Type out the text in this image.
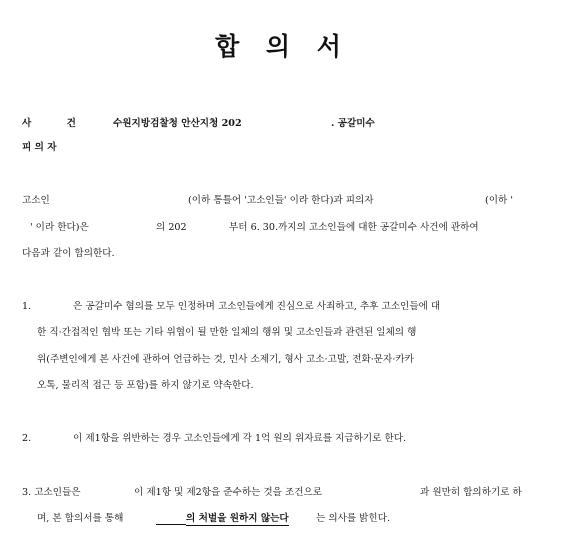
합 의 서
사 건 수원지방검찰청 안산지청 202	. 공갈미수
피 의 자
고소인	(이하 통틀어 '고소인들' 이라 한다)과 피의자	(이하 '
' 이라 한다)은	의 202	부터 6. 30.까지의 고소인들에 대한 공갈미수 사건에 관하여
다음과 같이 합의한다.
1.	은 공갈미수 혐의를 모두 인정하며 고소인들에게 진심으로 사죄하고, 추후 고소인들에 대
한 직·간접적인 협박 또는 기타 위협이 될 만한 일체의 행위 및 고소인들과 관련된 일체의 행
위(주변인에게 본 사건에 관하여 언급하는 것, 민사 소제기, 형사 고소·고발, 전화·문자·카카
오톡, 물리적 접근 등 포함)를 하지 않기로 약속한다.
2.	이 제1항을 위반하는 경우 고소인들에게 각 1억 원의 위자료를 지급하기로 한다.
3. 고소인들은	이 제1항 및 제2항을 준수하는 것을 조건으로	과 원만히 합의하기로 하
며, 본 합의서를 통해	의 처벌을 원하지 않는다	는 의사를 밝힌다.
